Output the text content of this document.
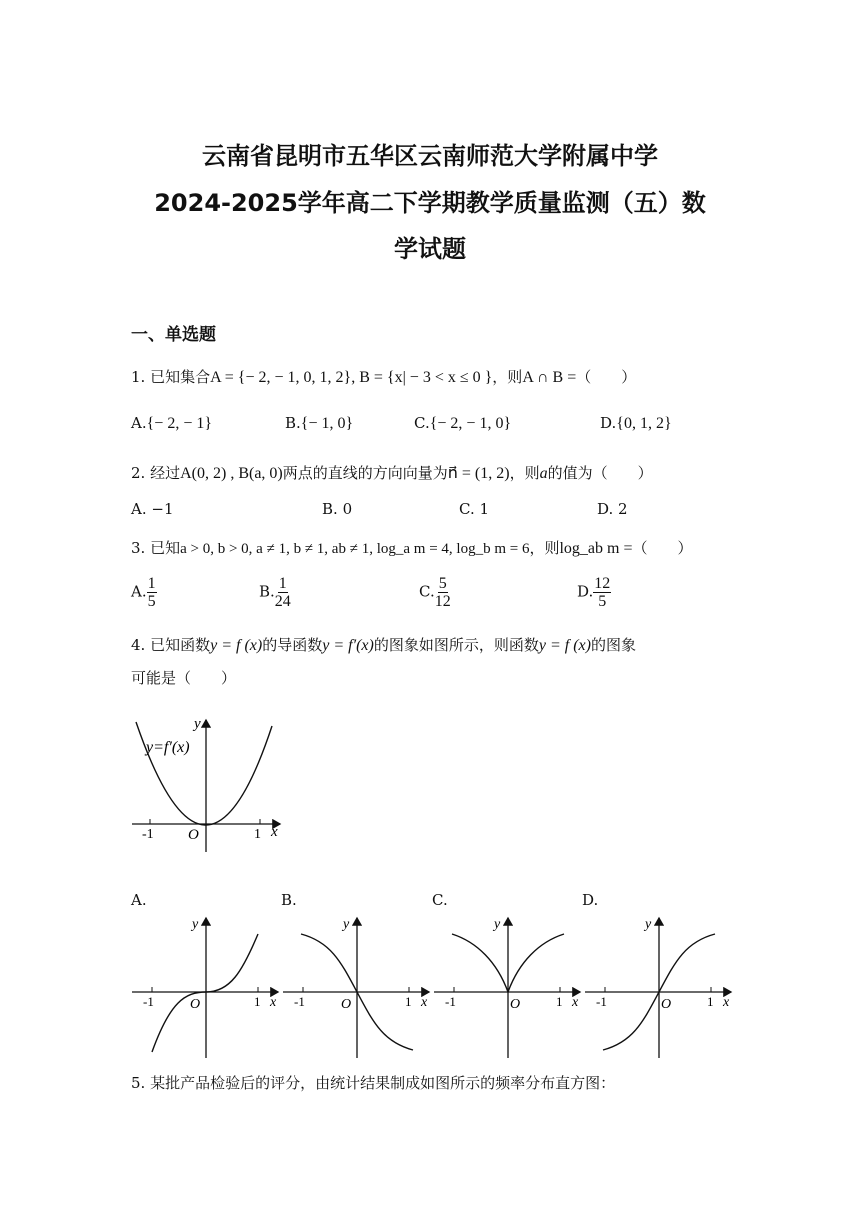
云南省昆明市五华区云南师范大学附属中学
2024-2025学年高二下学期教学质量监测（五）数
学试题
一、单选题
1. 已知集合A = {− 2, − 1, 0, 1, 2}, B = {x| − 3 < x ≤ 0 }，则A ∩ B =（　　）
A.{− 2, − 1}	B.{− 1, 0}	C.{− 2, − 1, 0}	D.{0, 1, 2}
2. 经过A(0, 2) , B(a, 0)两点的直线的方向向量为n⃗ = (1, 2)，则a的值为（　　）
A. −1	B. 0	C. 1	D. 2
3. 已知a > 0, b > 0, a ≠ 1, b ≠ 1, ab ≠ 1, log_a m = 4, log_b m = 6，则log_ab m =（　　）
A. $\frac{1}{5}$	B. $\frac{1}{24}$	C. $\frac{5}{12}$	D. $\frac{12}{5}$
4. 已知函数y = f (x)的导函数y = f′(x)的图象如图所示，则函数y = f (x)的图象
可能是（　　）
y=f′(x)
y
x
O
-1	1
A.	B.	C.	D.
y
x
O
-1	1
y
x
O
-1	1
y
x
O
-1	1
y
x
O
-1	1
5. 某批产品检验后的评分，由统计结果制成如图所示的频率分布直方图：
